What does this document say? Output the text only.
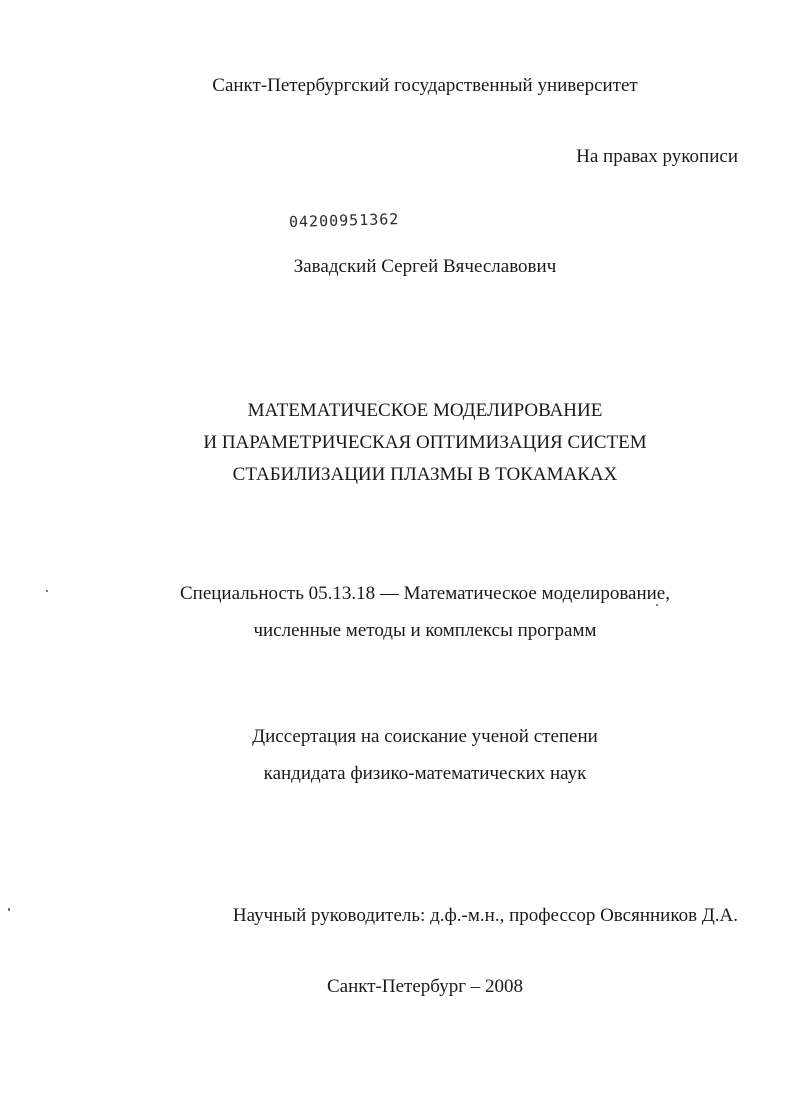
Санкт-Петербургский государственный университет
На правах рукописи
04200951362
Завадский Сергей Вячеславович
МАТЕМАТИЧЕСКОЕ МОДЕЛИРОВАНИЕ
И ПАРАМЕТРИЧЕСКАЯ ОПТИМИЗАЦИЯ СИСТЕМ
СТАБИЛИЗАЦИИ ПЛАЗМЫ В ТОКАМАКАХ
Специальность 05.13.18 — Математическое моделирование,
численные методы и комплексы программ
Диссертация на соискание ученой степени
кандидата физико-математических наук
Научный руководитель: д.ф.-м.н., профессор Овсянников Д.А.
Санкт-Петербург – 2008
